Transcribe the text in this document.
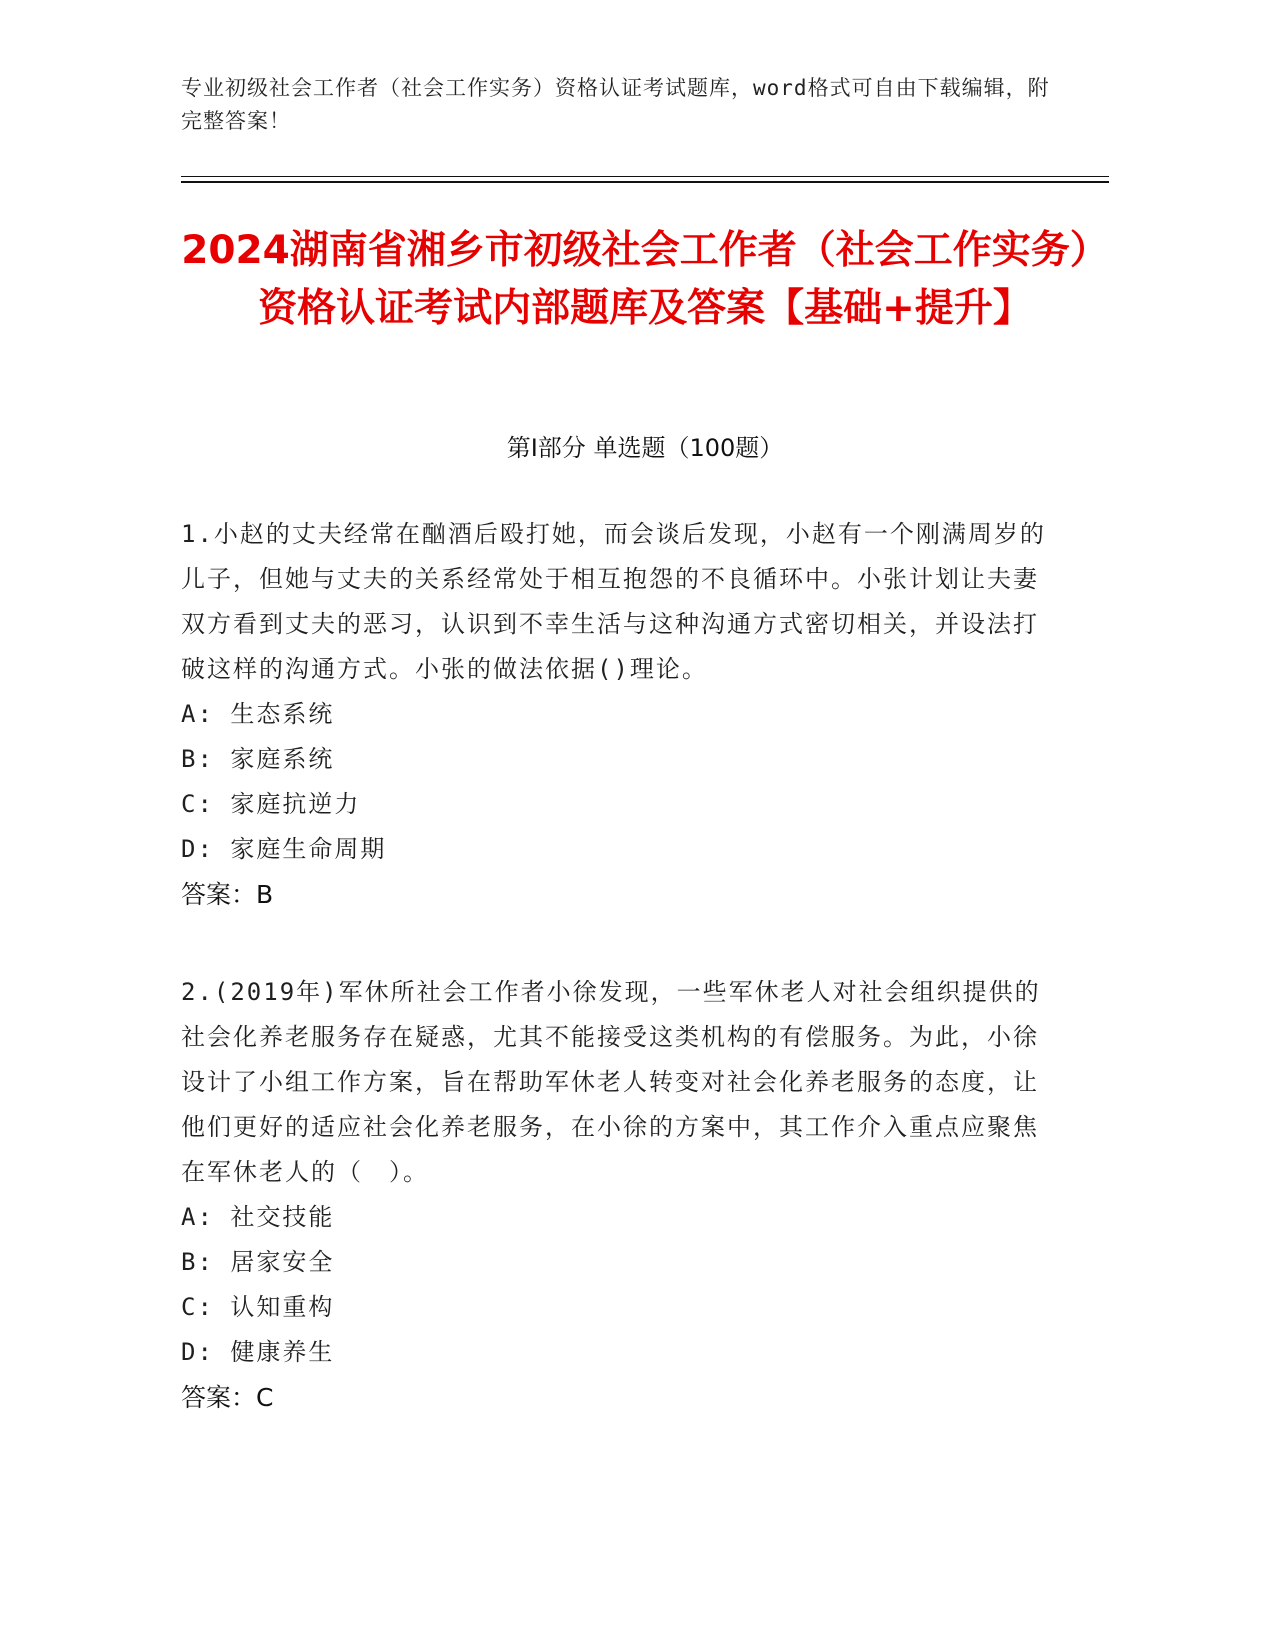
专业初级社会工作者（社会工作实务）资格认证考试题库，word格式可自由下载编辑，附完整答案！
2024湖南省湘乡市初级社会工作者（社会工作实务）资格认证考试内部题库及答案【基础+提升】
第I部分 单选题（100题）

1.小赵的丈夫经常在酗酒后殴打她，而会谈后发现，小赵有一个刚满周岁的儿子，但她与丈夫的关系经常处于相互抱怨的不良循环中。小张计划让夫妻双方看到丈夫的恶习，认识到不幸生活与这种沟通方式密切相关，并设法打破这样的沟通方式。小张的做法依据()理论。

A: 生态系统

B: 家庭系统

C: 家庭抗逆力

D: 家庭生命周期

答案：B

2.(2019年)军休所社会工作者小徐发现，一些军休老人对社会组织提供的社会化养老服务存在疑惑，尤其不能接受这类机构的有偿服务。为此，小徐设计了小组工作方案，旨在帮助军休老人转变对社会化养老服务的态度，让他们更好的适应社会化养老服务，在小徐的方案中，其工作介入重点应聚焦在军休老人的（　）。

A: 社交技能

B: 居家安全

C: 认知重构

D: 健康养生

答案：C
